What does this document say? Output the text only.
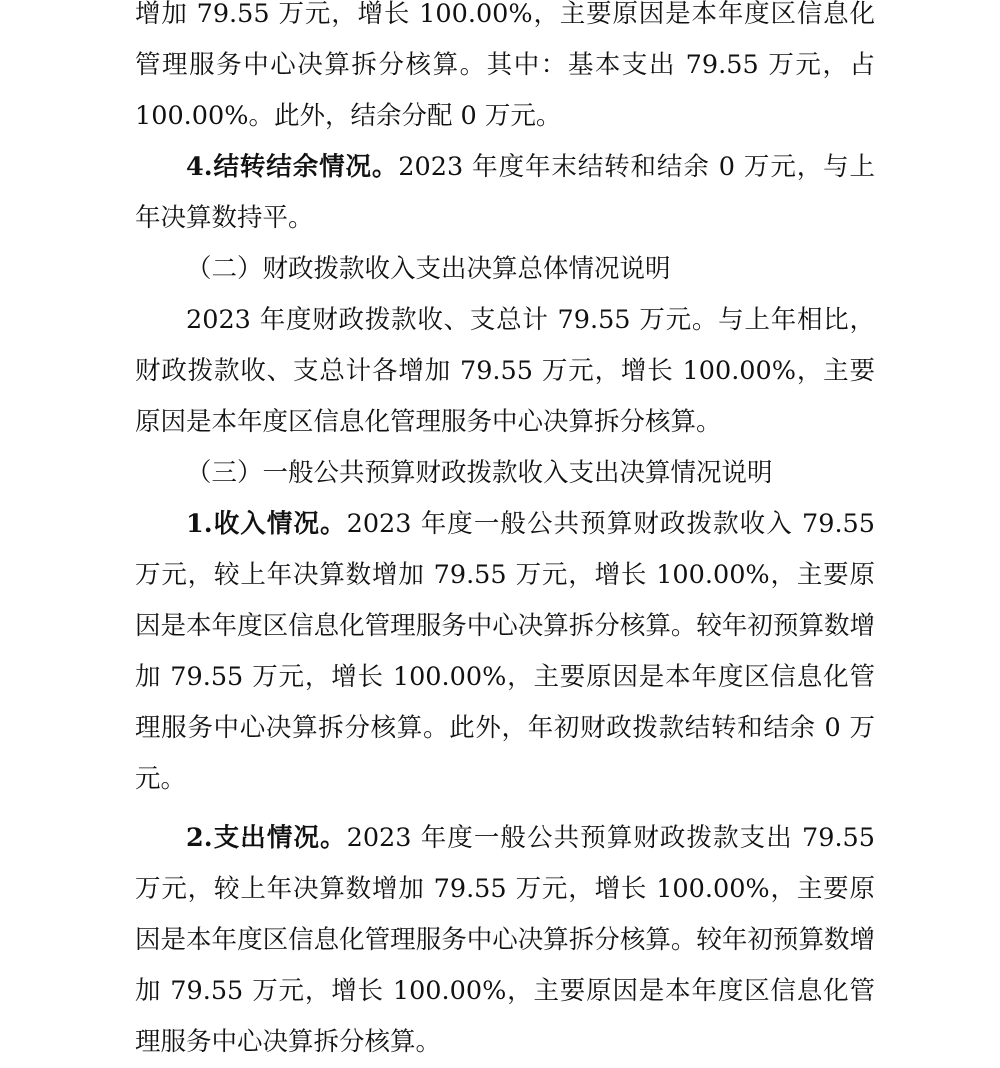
增加 79.55 万元，增长 100.00%，主要原因是本年度区信息化管理服务中心决算拆分核算。其中：基本支出 79.55 万元，占 100.00%。此外，结余分配 0 万元。

4.结转结余情况。2023 年度年末结转和结余 0 万元，与上年决算数持平。

（二）财政拨款收入支出决算总体情况说明

2023 年度财政拨款收、支总计 79.55 万元。与上年相比，财政拨款收、支总计各增加 79.55 万元，增长 100.00%，主要原因是本年度区信息化管理服务中心决算拆分核算。

（三）一般公共预算财政拨款收入支出决算情况说明

1.收入情况。2023 年度一般公共预算财政拨款收入 79.55 万元，较上年决算数增加 79.55 万元，增长 100.00%，主要原因是本年度区信息化管理服务中心决算拆分核算。较年初预算数增加 79.55 万元，增长 100.00%，主要原因是本年度区信息化管理服务中心决算拆分核算。此外，年初财政拨款结转和结余 0 万元。

2.支出情况。2023 年度一般公共预算财政拨款支出 79.55 万元，较上年决算数增加 79.55 万元，增长 100.00%，主要原因是本年度区信息化管理服务中心决算拆分核算。较年初预算数增加 79.55 万元，增长 100.00%，主要原因是本年度区信息化管理服务中心决算拆分核算。
